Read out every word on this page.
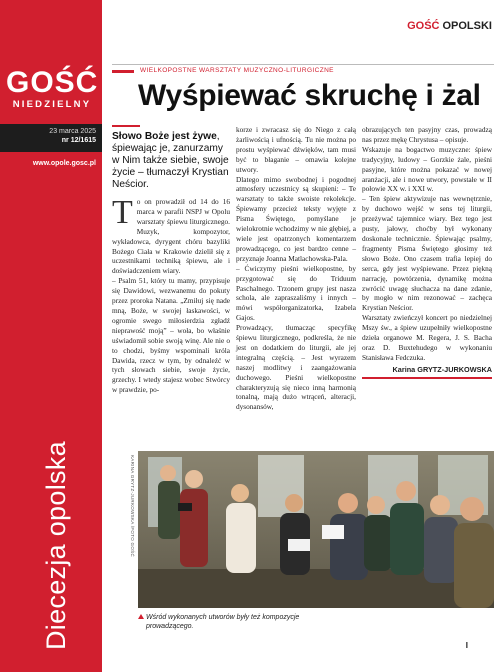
GOŚĆ
NIEDZIELNY
23 marca 2025
nr 12/1615
www.opole.gosc.pl
Diecezja opolska
GOŚĆ OPOLSKI
WIELKOPOSTNE WARSZTATY MUZYCZNO-LITURGICZNE
Wyśpiewać skruchę i żal
Słowo Boże jest żywe, śpiewając je, zanurzamy w Nim także siebie, swoje życie – tłumaczył Krystian Neścior.
To on prowadził od 14 do 16 marca w parafii NSPJ w Opolu warsztaty śpiewu liturgicznego. Muzyk, kompozytor, wykładowca, dyrygent chóru bazyliki Bożego Ciała w Krakowie dzielił się z uczestnikami techniką śpiewu, ale i doświadczeniem wiary.

– Psalm 51, który tu mamy, przypisuje się Dawidowi, wezwanemu do pokuty przez proroka Natana. „Zmiłuj się nade mną, Boże, w swojej łaskawości, w ogromie swego miłosierdzia zgładź nieprawość moją” – woła, bo właśnie uświadomił sobie swoją winę. Ale nie o to chodzi, byśmy wspominali króla Dawida, rzecz w tym, by odnaleźć w tych słowach siebie, swoje życie, grzechy. I wtedy stajesz wobec Stwórcy w prawdzie, po-

korze i zwracasz się do Niego z całą żarliwością i ufnością. Tu nie można po prostu wyśpiewać dźwięków, tam musi być to błaganie – omawia kolejne utwory.

Dlatego mimo swobodnej i pogodnej atmosfery uczestnicy są skupieni: – Te warsztaty to także swoiste rekolekcje. Śpiewamy przecież teksty wyjęte z Pisma Świętego, pomyślane je wielokrotnie wchodzimy w nie głębiej, a wiele jest opatrzonych komentarzem prowadzącego, co jest bardzo cenne – przyznaje Joanna Matlachowska-Pala.

– Ćwiczymy pieśni wielkopostne, by przygotować się do Triduum Paschalnego. Trzonem grupy jest nasza schola, ale zapraszaliśmy i innych – mówi współorganizatorka, Izabela Gajos.

Prowadzący, tłumacząc specyfikę śpiewu liturgicznego, podkreśla, że nie jest on dodatkiem do liturgii, ale jej integralną częścią. – Jest wyrazem naszej modlitwy i zaangażowania duchowego. Pieśni wielkopostne charakteryzują się nieco inną harmonią tonalną, mają dużo wtrąceń, alteracji, dysonansów,

obrazujących ten pasyjny czas, prowadzą nas przez mękę Chrystusa – opisuje.

Wskazuje na bogactwo muzyczne: śpiew tradycyjny, ludowy – Gorzkie żale, pieśni pasyjne, które można pokazać w nowej aranżacji, ale i nowe utwory, powstałe w II połowie XX w. i XXI w.

– Ten śpiew aktywizuje nas wewnętrznie, by duchowo wejść w sens tej liturgii, przeżywać tajemnice wiary. Bez tego jest pusty, jałowy, choćby był wykonany doskonale technicznie. Śpiewając psalmy, fragmenty Pisma Świętego głosimy też słowo Boże. Ono czasem trafia lepiej do serca, gdy jest wyśpiewane. Przez piękną narrację, powtórzenia, dynamikę można zwrócić uwagę słuchacza na dane zdanie, by mogło w nim rezonować – zachęca Krystian Neścior.

Warsztaty zwieńczył koncert po niedzielnej Mszy św., a śpiew uzupełniły wielkopostne dzieła organowe M. Regera, J. S. Bacha oraz D. Buxtehudego w wykonaniu Stanisława Fedczuka.

Karina GRYTZ-JURKOWSKA
KARINA GRYTZ-JURKOWSKA /FOTO GOŚĆ
Wśród wykonanych utworów były też kompozycje prowadzącego.
I
